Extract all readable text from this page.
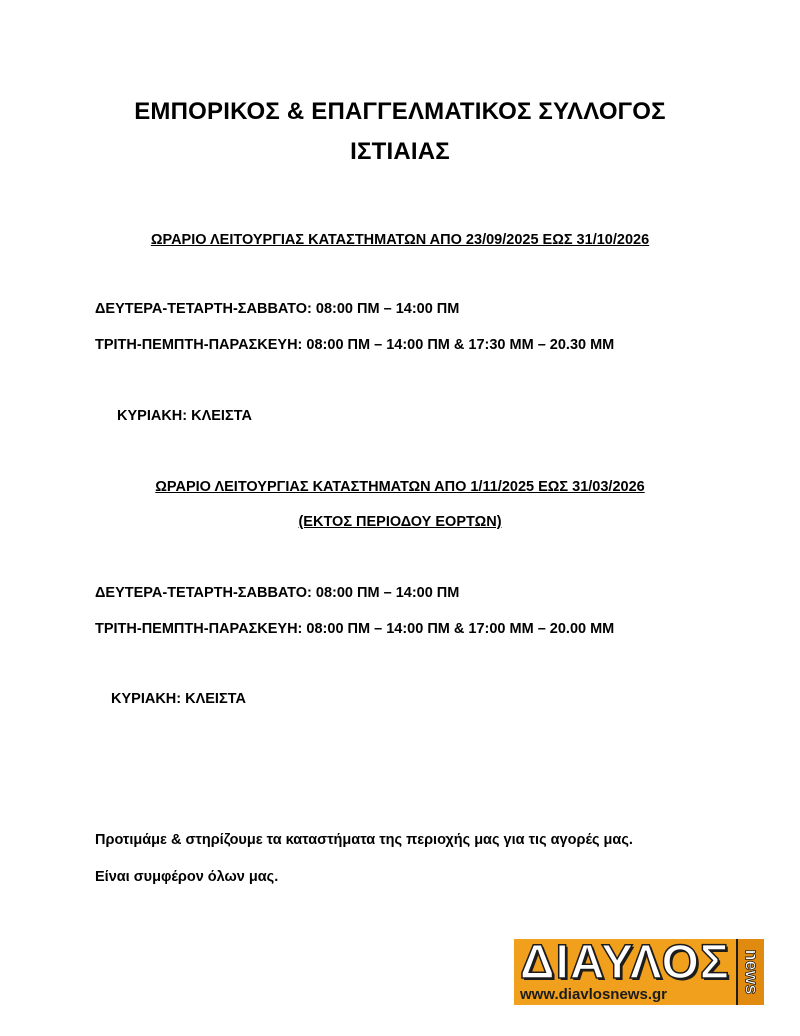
ΕΜΠΟΡΙΚΟΣ & ΕΠΑΓΓΕΛΜΑΤΙΚΟΣ ΣΥΛΛΟΓΟΣ
ΙΣΤΙΑΙΑΣ
ΩΡΑΡΙΟ ΛΕΙΤΟΥΡΓΙΑΣ ΚΑΤΑΣΤΗΜΑΤΩΝ ΑΠΟ 23/09/2025 ΕΩΣ 31/10/2026
ΔΕΥΤΕΡΑ-ΤΕΤΑΡΤΗ-ΣΑΒΒΑΤΟ: 08:00 ΠΜ – 14:00 ΠΜ
ΤΡΙΤΗ-ΠΕΜΠΤΗ-ΠΑΡΑΣΚΕΥΗ: 08:00 ΠΜ – 14:00 ΠΜ & 17:30 ΜΜ – 20.30 ΜΜ
ΚΥΡΙΑΚΗ: ΚΛΕΙΣΤΑ
ΩΡΑΡΙΟ ΛΕΙΤΟΥΡΓΙΑΣ ΚΑΤΑΣΤΗΜΑΤΩΝ ΑΠΟ 1/11/2025 ΕΩΣ 31/03/2026
(ΕΚΤΟΣ ΠΕΡΙΟΔΟΥ ΕΟΡΤΩΝ)
ΔΕΥΤΕΡΑ-ΤΕΤΑΡΤΗ-ΣΑΒΒΑΤΟ: 08:00 ΠΜ – 14:00 ΠΜ
ΤΡΙΤΗ-ΠΕΜΠΤΗ-ΠΑΡΑΣΚΕΥΗ: 08:00 ΠΜ – 14:00 ΠΜ & 17:00 ΜΜ – 20.00 ΜΜ
ΚΥΡΙΑΚΗ: ΚΛΕΙΣΤΑ
Προτιμάμε & στηρίζουμε τα καταστήματα της περιοχής μας για τις αγορές μας.
Είναι συμφέρον όλων μας.
ΔΙΑΥΛΟΣ news
www.diavlosnews.gr
